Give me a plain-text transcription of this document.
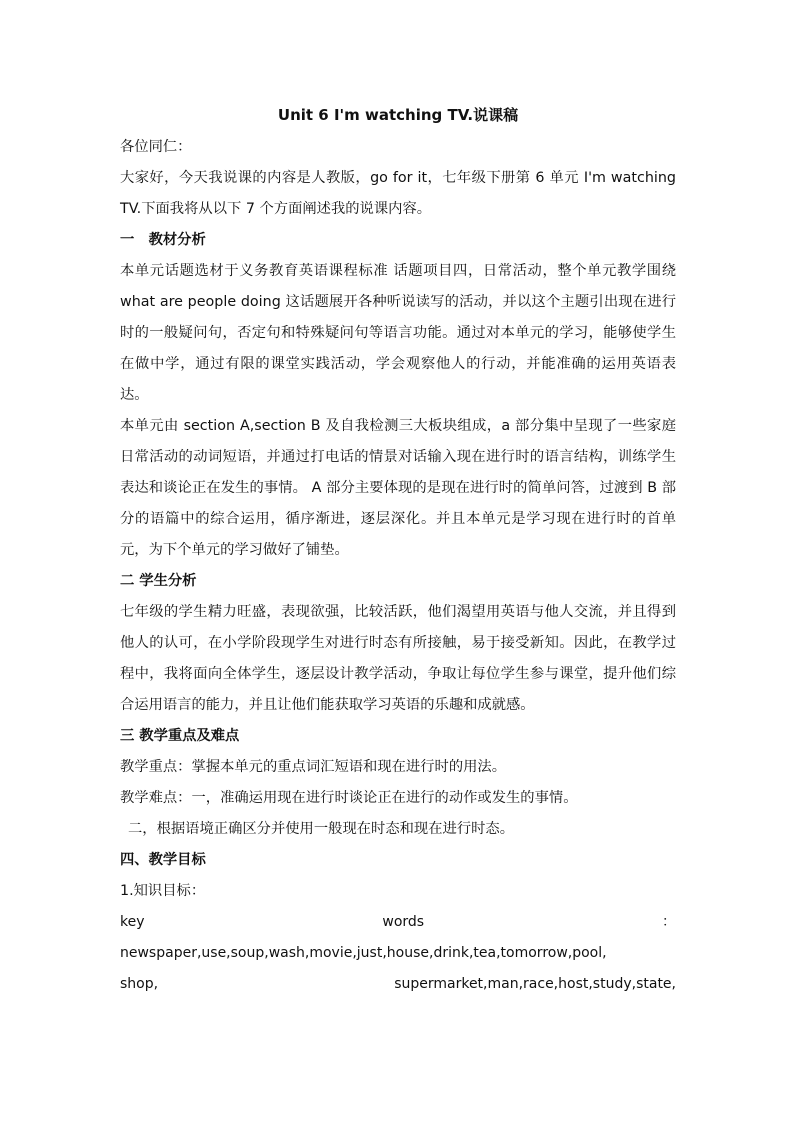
Unit 6 I'm watching TV.说课稿

各位同仁：

大家好，今天我说课的内容是人教版，go for it，七年级下册第 6 单元 I'm watching TV.下面我将从以下 7 个方面阐述我的说课内容。

一　教材分析

本单元话题选材于义务教育英语课程标准 话题项目四，日常活动，整个单元教学围绕 what are people doing 这话题展开各种听说读写的活动，并以这个主题引出现在进行时的一般疑问句，否定句和特殊疑问句等语言功能。通过对本单元的学习，能够使学生在做中学，通过有限的课堂实践活动，学会观察他人的行动，并能准确的运用英语表达。

本单元由 section A,section B 及自我检测三大板块组成，a 部分集中呈现了一些家庭日常活动的动词短语，并通过打电话的情景对话输入现在进行时的语言结构，训练学生表达和谈论正在发生的事情。 A 部分主要体现的是现在进行时的简单问答，过渡到 B 部分的语篇中的综合运用，循序渐进，逐层深化。并且本单元是学习现在进行时的首单元，为下个单元的学习做好了铺垫。

二 学生分析

七年级的学生精力旺盛，表现欲强，比较活跃，他们渴望用英语与他人交流，并且得到他人的认可，在小学阶段现学生对进行时态有所接触，易于接受新知。因此，在教学过程中，我将面向全体学生，逐层设计教学活动，争取让每位学生参与课堂，提升他们综合运用语言的能力，并且让他们能获取学习英语的乐趣和成就感。

三 教学重点及难点

教学重点：掌握本单元的重点词汇短语和现在进行时的用法。

教学难点：一，准确运用现在进行时谈论正在进行的动作或发生的事情。

二，根据语境正确区分并使用一般现在时态和现在进行时态。

四、教学目标

1.知识目标：

key words ： newspaper,use,soup,wash,movie,just,house,drink,tea,tomorrow,pool,

shop,	supermarket,man,race,host,study,state,
